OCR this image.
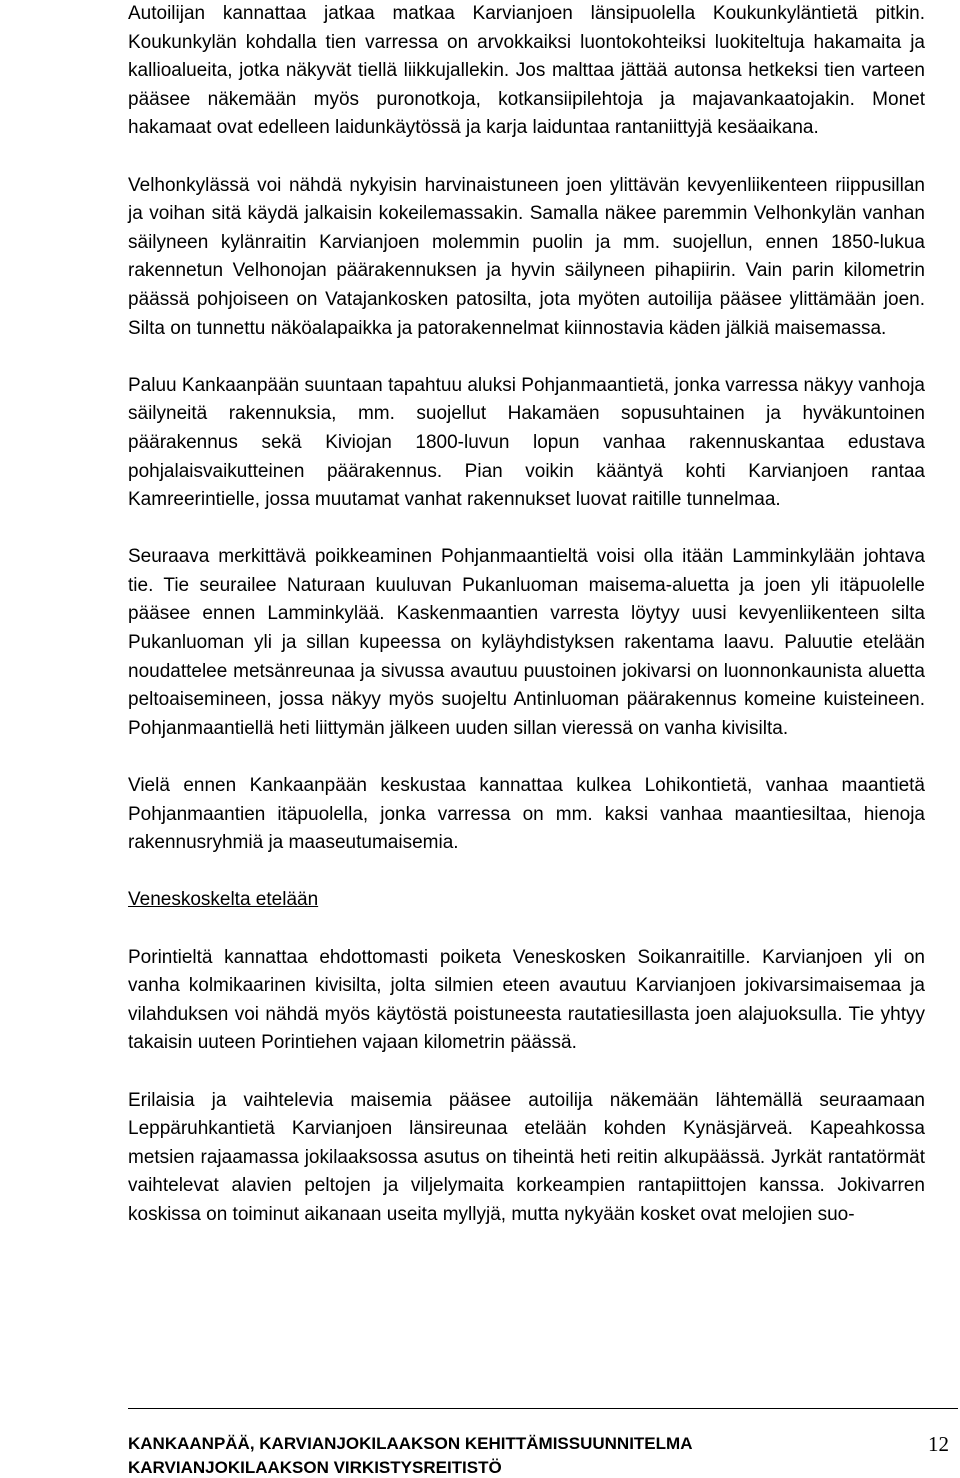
Autoilijan kannattaa jatkaa matkaa Karvianjoen länsipuolella Koukunkyläntietä pitkin. Koukunkylän kohdalla tien varressa on arvokkaiksi luontokohteiksi luokiteltuja hakamaita ja kallioalueita, jotka näkyvät tiellä liikkujallekin. Jos malttaa jättää autonsa hetkeksi tien varteen pääsee näkemään myös puronotkoja, kotkansiipilehtoja ja majavankaatojakin. Monet hakamaat ovat edelleen laidunkäytössä ja karja laiduntaa rantaniittyjä kesäaikana.

Velhonkylässä voi nähdä nykyisin harvinaistuneen joen ylittävän kevyenliikenteen riippusillan ja voihan sitä käydä jalkaisin kokeilemassakin. Samalla näkee paremmin Velhonkylän vanhan säilyneen kylänraitin Karvianjoen molemmin puolin ja mm. suojellun, ennen 1850-lukua rakennetun Velhonojan päärakennuksen ja hyvin säilyneen pihapiirin. Vain parin kilometrin päässä pohjoiseen on Vatajankosken patosilta, jota myöten autoilija pääsee ylittämään joen. Silta on tunnettu näköalapaikka ja patorakennelmat kiinnostavia käden jälkiä maisemassa.

Paluu Kankaanpään suuntaan tapahtuu aluksi Pohjanmaantietä, jonka varressa näkyy vanhoja säilyneitä rakennuksia, mm. suojellut Hakamäen sopusuhtainen ja hyväkuntoinen päärakennus sekä Kiviojan 1800-luvun lopun vanhaa rakennuskantaa edustava pohjalaisvaikutteinen päärakennus. Pian voikin kääntyä kohti Karvianjoen rantaa Kamreerintielle, jossa muutamat vanhat rakennukset luovat raitille tunnelmaa.

Seuraava merkittävä poikkeaminen Pohjanmaantieltä voisi olla itään Lamminkylään johtava tie. Tie seurailee Naturaan kuuluvan Pukanluoman maisema-aluetta ja joen yli itäpuolelle pääsee ennen Lamminkylää. Kaskenmaantien varresta löytyy uusi kevyenliikenteen silta Pukanluoman yli ja sillan kupeessa on kyläyhdistyksen rakentama laavu. Paluutie etelään noudattelee metsänreunaa ja sivussa avautuu puustoinen jokivarsi on luonnonkaunista aluetta peltoaisemineen, jossa näkyy myös suojeltu Antinluoman päärakennus komeine kuisteineen. Pohjanmaantiellä heti liittymän jälkeen uuden sillan vieressä on vanha kivisilta.

Vielä ennen Kankaanpään keskustaa kannattaa kulkea Lohikontietä, vanhaa maantietä Pohjanmaantien itäpuolella, jonka varressa on mm. kaksi vanhaa maantiesiltaa, hienoja rakennusryhmiä ja maaseutumaisemia.

Veneskoskelta etelään

Porintieltä kannattaa ehdottomasti poiketa Veneskosken Soikanraitille. Karvianjoen yli on vanha kolmikaarinen kivisilta, jolta silmien eteen avautuu Karvianjoen jokivarsimaisemaa ja vilahduksen voi nähdä myös käytöstä poistuneesta rautatiesillasta joen alajuoksulla. Tie yhtyy takaisin uuteen Porintiehen vajaan kilometrin päässä.

Erilaisia ja vaihtelevia maisemia pääsee autoilija näkemään lähtemällä seuraamaan Leppäruhkantietä Karvianjoen länsireunaa etelään kohden Kynäsjärveä. Kapeahkossa metsien rajaamassa jokilaaksossa asutus on tiheintä heti reitin alkupäässä. Jyrkät rantatörmät vaihtelevat alavien peltojen ja viljelymaita korkeampien rantapiittojen kanssa. Jokivarren koskissa on toiminut aikanaan useita myllyjä, mutta nykyään kosket ovat melojien suo-

KANKAANPÄÄ, KARVIANJOKILAAKSON KEHITTÄMISSUUNNITELMA
KARVIANJOKILAAKSON VIRKISTYSREITISTÖ
12
